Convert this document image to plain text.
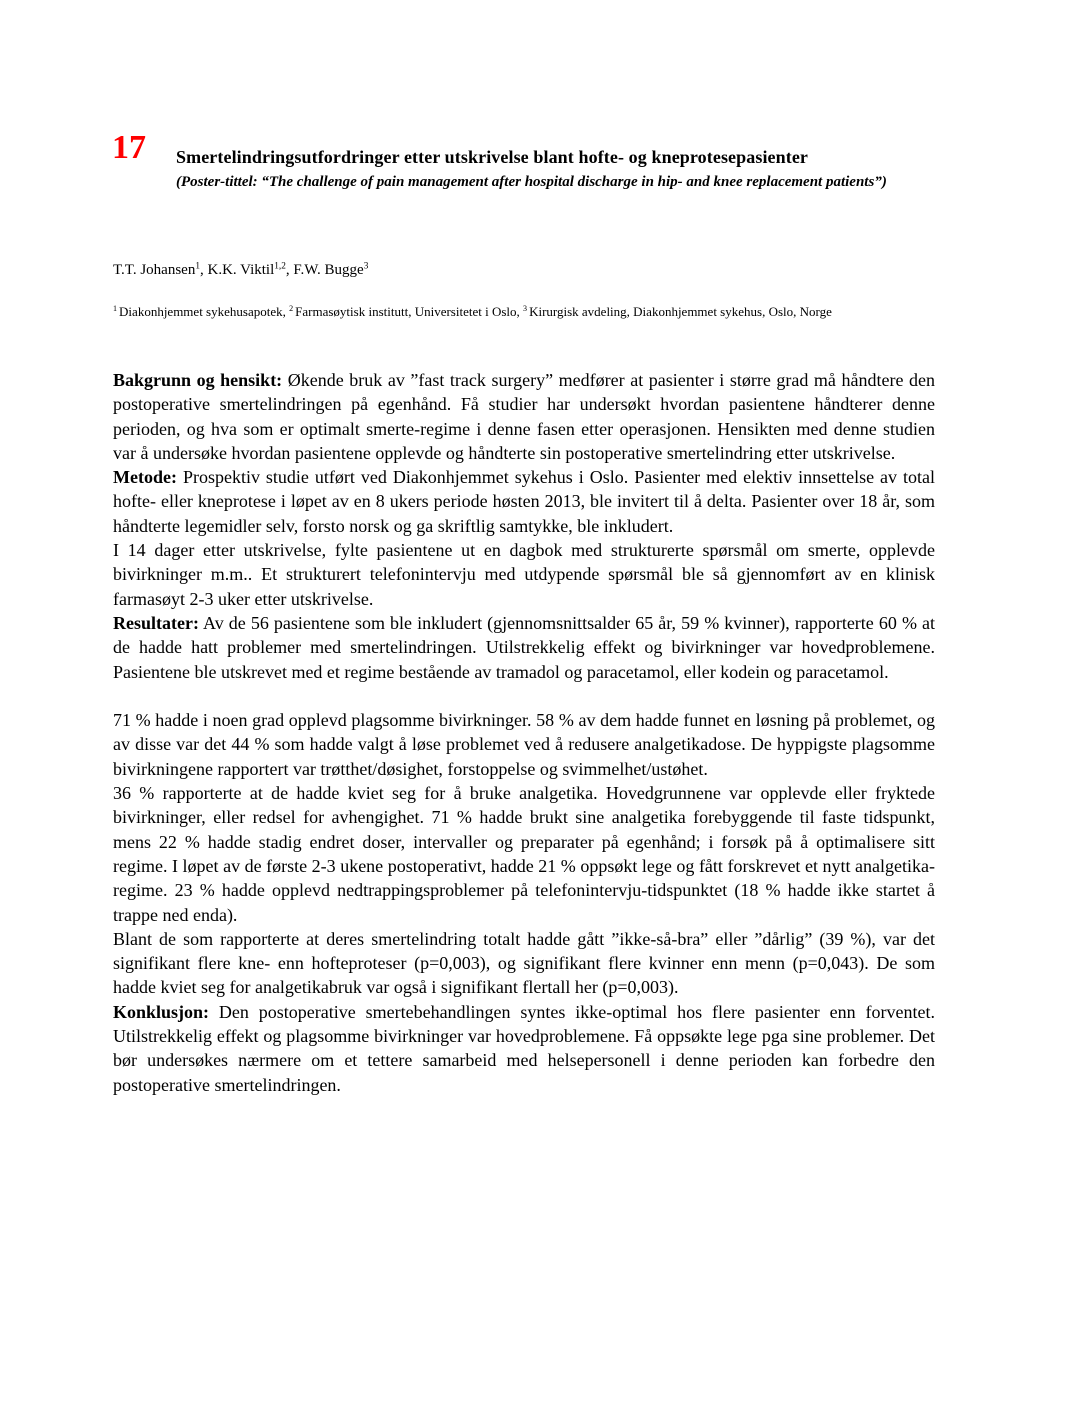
17 Smertelindringsutfordringer etter utskrivelse blant hofte- og kneprotesepasienter
(Poster-tittel: “The challenge of pain management after hospital discharge in hip- and knee replacement patients”)
T.T. Johansen$^1$, K.K. Viktil$^{1,2}$, F.W. Bugge$^3$
$^1$ Diakonhjemmet sykehusapotek, $^2$ Farmasøytisk institutt, Universitetet i Oslo, $^3$ Kirurgisk avdeling, Diakonhjemmet sykehus, Oslo, Norge

Bakgrunn og hensikt: Økende bruk av ”fast track surgery” medfører at pasienter i større grad må håndtere den postoperative smertelindringen på egenhånd. Få studier har undersøkt hvordan pasientene håndterer denne perioden, og hva som er optimalt smerte-regime i denne fasen etter operasjonen. Hensikten med denne studien var å undersøke hvordan pasientene opplevde og håndterte sin postoperative smertelindring etter utskrivelse.

Metode: Prospektiv studie utført ved Diakonhjemmet sykehus i Oslo. Pasienter med elektiv innsettelse av total hofte- eller kneprotese i løpet av en 8 ukers periode høsten 2013, ble invitert til å delta. Pasienter over 18 år, som håndterte legemidler selv, forsto norsk og ga skriftlig samtykke, ble inkludert.

I 14 dager etter utskrivelse, fylte pasientene ut en dagbok med strukturerte spørsmål om smerte, opplevde bivirkninger m.m.. Et strukturert telefonintervju med utdypende spørsmål ble så gjennomført av en klinisk farmasøyt 2-3 uker etter utskrivelse.

Resultater: Av de 56 pasientene som ble inkludert (gjennomsnittsalder 65 år, 59 % kvinner), rapporterte 60 % at de hadde hatt problemer med smertelindringen. Utilstrekkelig effekt og bivirkninger var hovedproblemene. Pasientene ble utskrevet med et regime bestående av tramadol og paracetamol, eller kodein og paracetamol.

71 % hadde i noen grad opplevd plagsomme bivirkninger. 58 % av dem hadde funnet en løsning på problemet, og av disse var det 44 % som hadde valgt å løse problemet ved å redusere analgetikadose. De hyppigste plagsomme bivirkningene rapportert var trøtthet/døsighet, forstoppelse og svimmelhet/ustøhet.

36 % rapporterte at de hadde kviet seg for å bruke analgetika. Hovedgrunnene var opplevde eller fryktede bivirkninger, eller redsel for avhengighet. 71 % hadde brukt sine analgetika forebyggende til faste tidspunkt, mens 22 % hadde stadig endret doser, intervaller og preparater på egenhånd; i forsøk på å optimalisere sitt regime. I løpet av de første 2-3 ukene postoperativt, hadde 21 % oppsøkt lege og fått forskrevet et nytt analgetika-regime. 23 % hadde opplevd nedtrappingsproblemer på telefonintervju-tidspunktet (18 % hadde ikke startet å trappe ned enda).

Blant de som rapporterte at deres smertelindring totalt hadde gått ”ikke-så-bra” eller ”dårlig” (39 %), var det signifikant flere kne- enn hofteproteser (p=0,003), og signifikant flere kvinner enn menn (p=0,043). De som hadde kviet seg for analgetikabruk var også i signifikant flertall her (p=0,003).

Konklusjon: Den postoperative smertebehandlingen syntes ikke-optimal hos flere pasienter enn forventet. Utilstrekkelig effekt og plagsomme bivirkninger var hovedproblemene. Få oppsøkte lege pga sine problemer. Det bør undersøkes nærmere om et tettere samarbeid med helsepersonell i denne perioden kan forbedre den postoperative smertelindringen.
